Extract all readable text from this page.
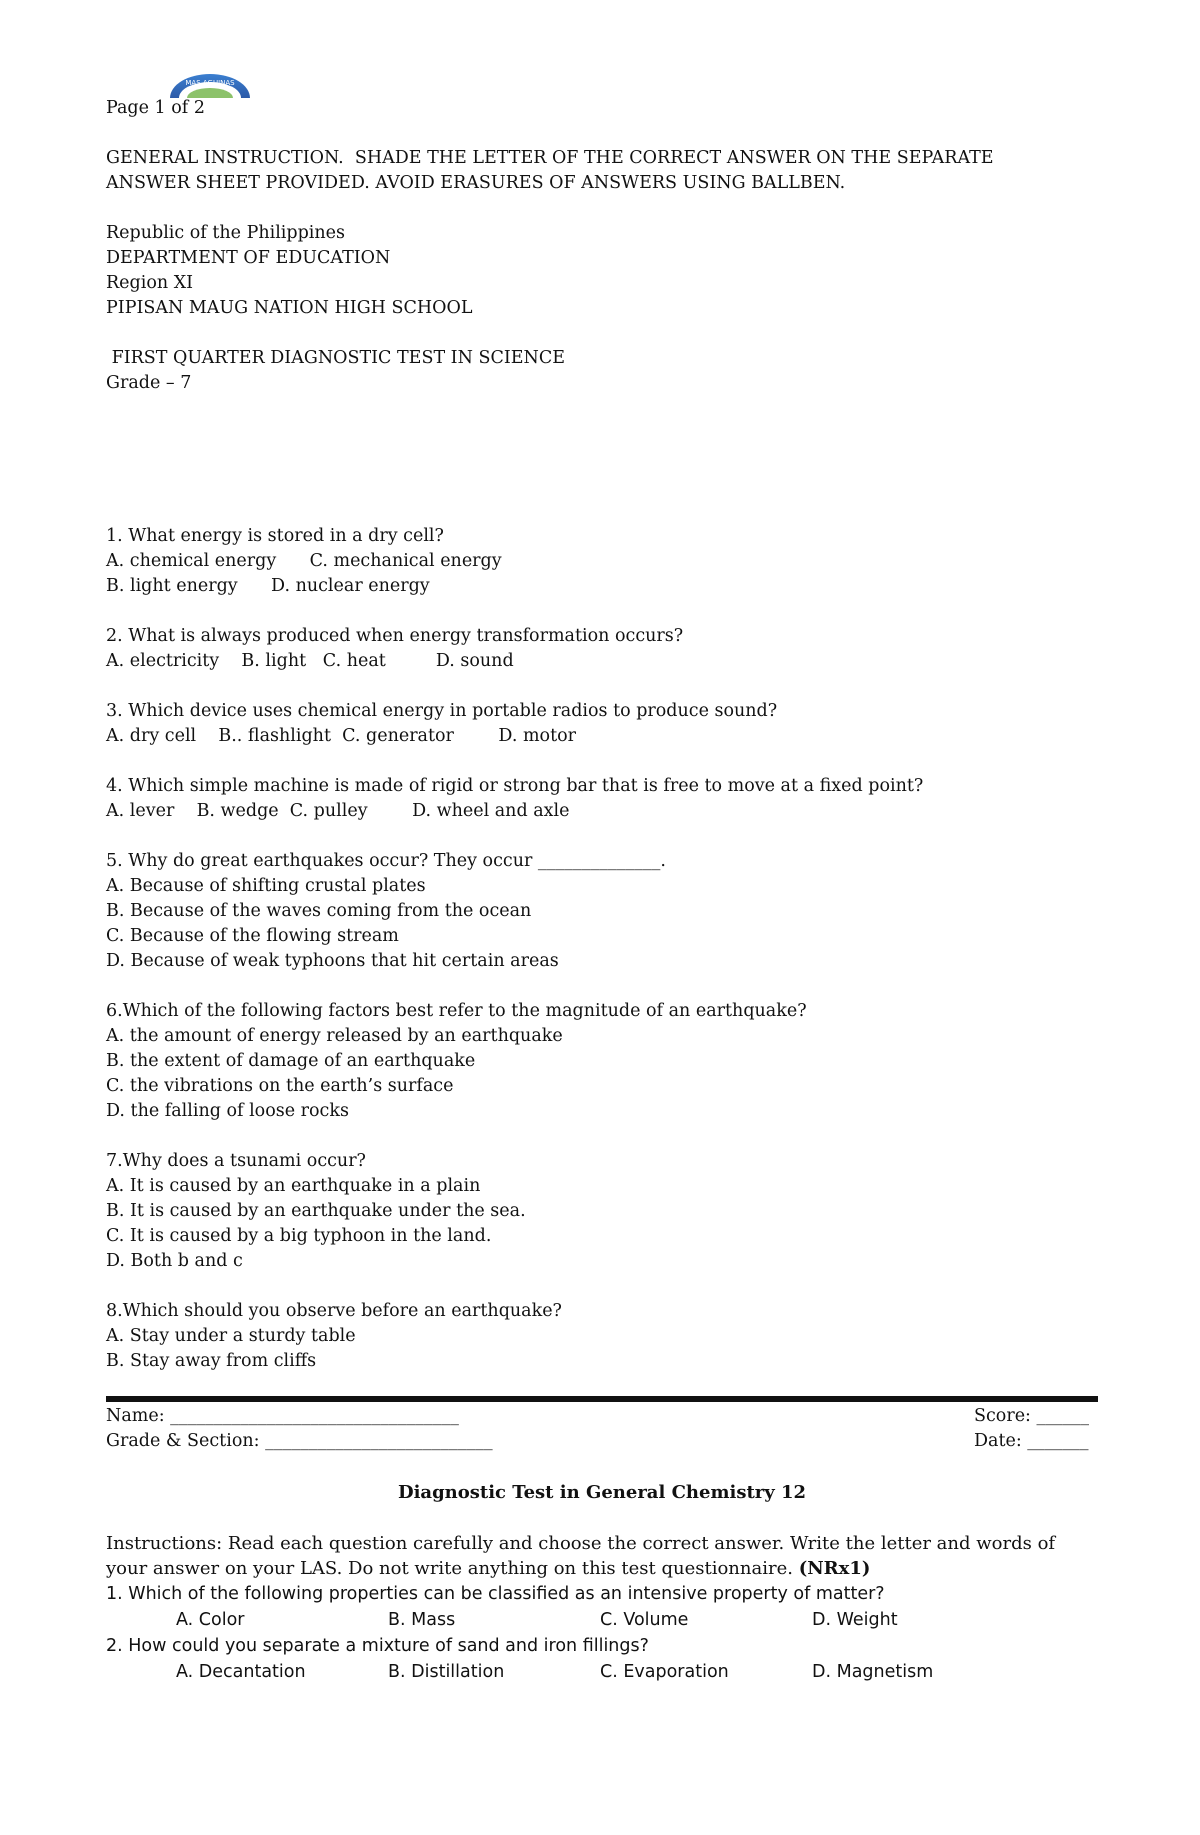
MAS AGUINAS
Page 1 of 2
GENERAL INSTRUCTION.  SHADE THE LETTER OF THE CORRECT ANSWER ON THE SEPARATE
ANSWER SHEET PROVIDED. AVOID ERASURES OF ANSWERS USING BALLBEN.
Republic of the Philippines
DEPARTMENT OF EDUCATION
Region XI
PIPISAN MAUG NATION HIGH SCHOOL
FIRST QUARTER DIAGNOSTIC TEST IN SCIENCE
Grade – 7
1. What energy is stored in a dry cell?
A. chemical energy      C. mechanical energy
B. light energy      D. nuclear energy
2. What is always produced when energy transformation occurs?
A. electricity    B. light   C. heat         D. sound
3. Which device uses chemical energy in portable radios to produce sound?
A. dry cell    B.. flashlight  C. generator        D. motor
4. Which simple machine is made of rigid or strong bar that is free to move at a fixed point?
A. lever    B. wedge  C. pulley        D. wheel and axle
5. Why do great earthquakes occur? They occur ______________.
A. Because of shifting crustal plates
B. Because of the waves coming from the ocean
C. Because of the flowing stream
D. Because of weak typhoons that hit certain areas
6.Which of the following factors best refer to the magnitude of an earthquake?
A. the amount of energy released by an earthquake
B. the extent of damage of an earthquake
C. the vibrations on the earth’s surface
D. the falling of loose rocks
7.Why does a tsunami occur?
A. It is caused by an earthquake in a plain
B. It is caused by an earthquake under the sea.
C. It is caused by a big typhoon in the land.
D. Both b and c
8.Which should you observe before an earthquake?
A. Stay under a sturdy table
B. Stay away from cliffs
Name: _________________________________	Score: ______
Grade & Section: __________________________	Date: _______
Diagnostic Test in General Chemistry 12
Instructions: Read each question carefully and choose the correct answer. Write the letter and words of
your answer on your LAS. Do not write anything on this test questionnaire. (NRx1)
1. Which of the following properties can be classified as an intensive property of matter?
A. Color	B. Mass	C. Volume	D. Weight
2. How could you separate a mixture of sand and iron fillings?
A. Decantation	B. Distillation	C. Evaporation	D. Magnetism
